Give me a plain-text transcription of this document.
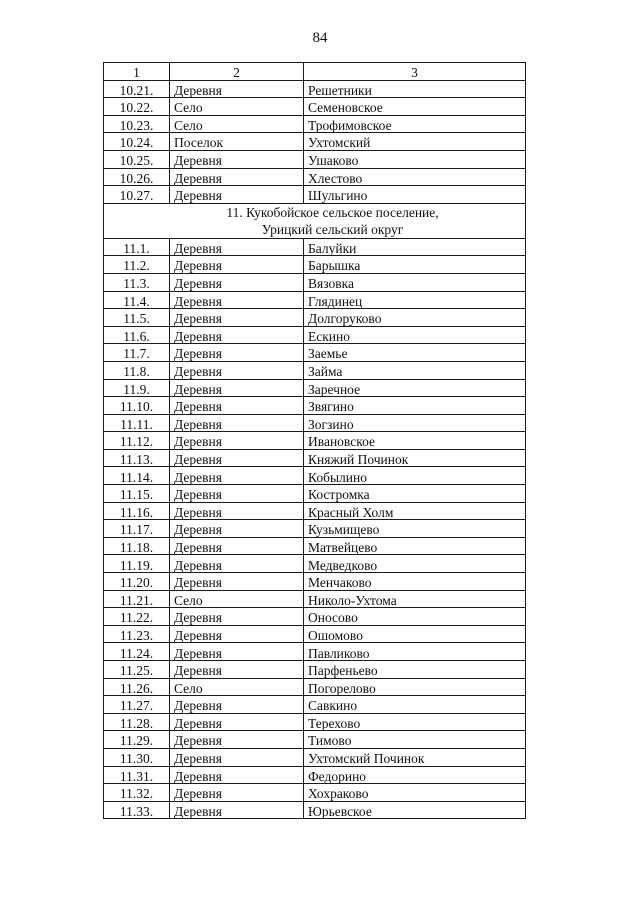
84
1	2	3
10.21.	Деревня	Решетники
10.22.	Село	Семеновское
10.23.	Село	Трофимовское
10.24.	Поселок	Ухтомский
10.25.	Деревня	Ушаково
10.26.	Деревня	Хлестово
10.27.	Деревня	Шульгино
11. Кукобойское сельское поселение,
Урицкий сельский округ		
11.1.	Деревня	Балуйки
11.2.	Деревня	Барышка
11.3.	Деревня	Вязовка
11.4.	Деревня	Глядинец
11.5.	Деревня	Долгоруково
11.6.	Деревня	Ескино
11.7.	Деревня	Заемье
11.8.	Деревня	Займа
11.9.	Деревня	Заречное
11.10.	Деревня	Звягино
11.11.	Деревня	Зогзино
11.12.	Деревня	Ивановское
11.13.	Деревня	Княжий Починок
11.14.	Деревня	Кобылино
11.15.	Деревня	Костромка
11.16.	Деревня	Красный Холм
11.17.	Деревня	Кузьмищево
11.18.	Деревня	Матвейцево
11.19.	Деревня	Медведково
11.20.	Деревня	Менчаково
11.21.	Село	Николо-Ухтома
11.22.	Деревня	Оносово
11.23.	Деревня	Ошомово
11.24.	Деревня	Павликово
11.25.	Деревня	Парфеньево
11.26.	Село	Погорелово
11.27.	Деревня	Савкино
11.28.	Деревня	Терехово
11.29.	Деревня	Тимово
11.30.	Деревня	Ухтомский Починок
11.31.	Деревня	Федорино
11.32.	Деревня	Хохраково
11.33.	Деревня	Юрьевское
